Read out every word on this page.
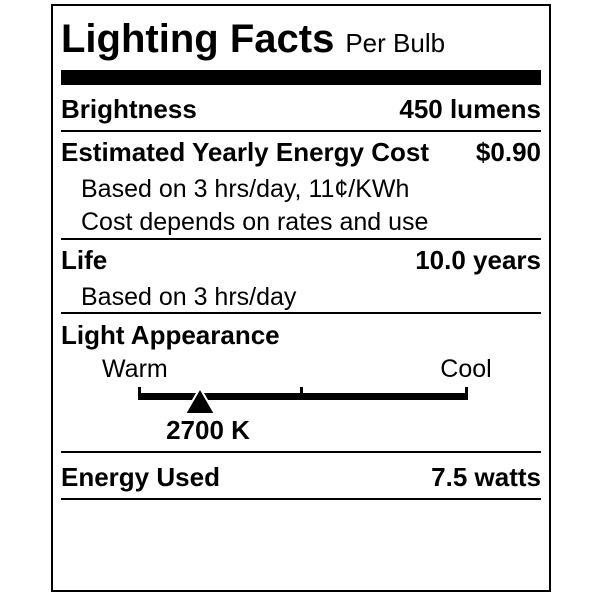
Lighting Facts Per Bulb
Brightness	450 lumens
Estimated Yearly Energy Cost $0.90
Based on 3 hrs/day, 11¢/KWh
Cost depends on rates and use
Life	10.0 years
Based on 3 hrs/day
Light Appearance
Warm	Cool
2700 K
Energy Used	7.5 watts
